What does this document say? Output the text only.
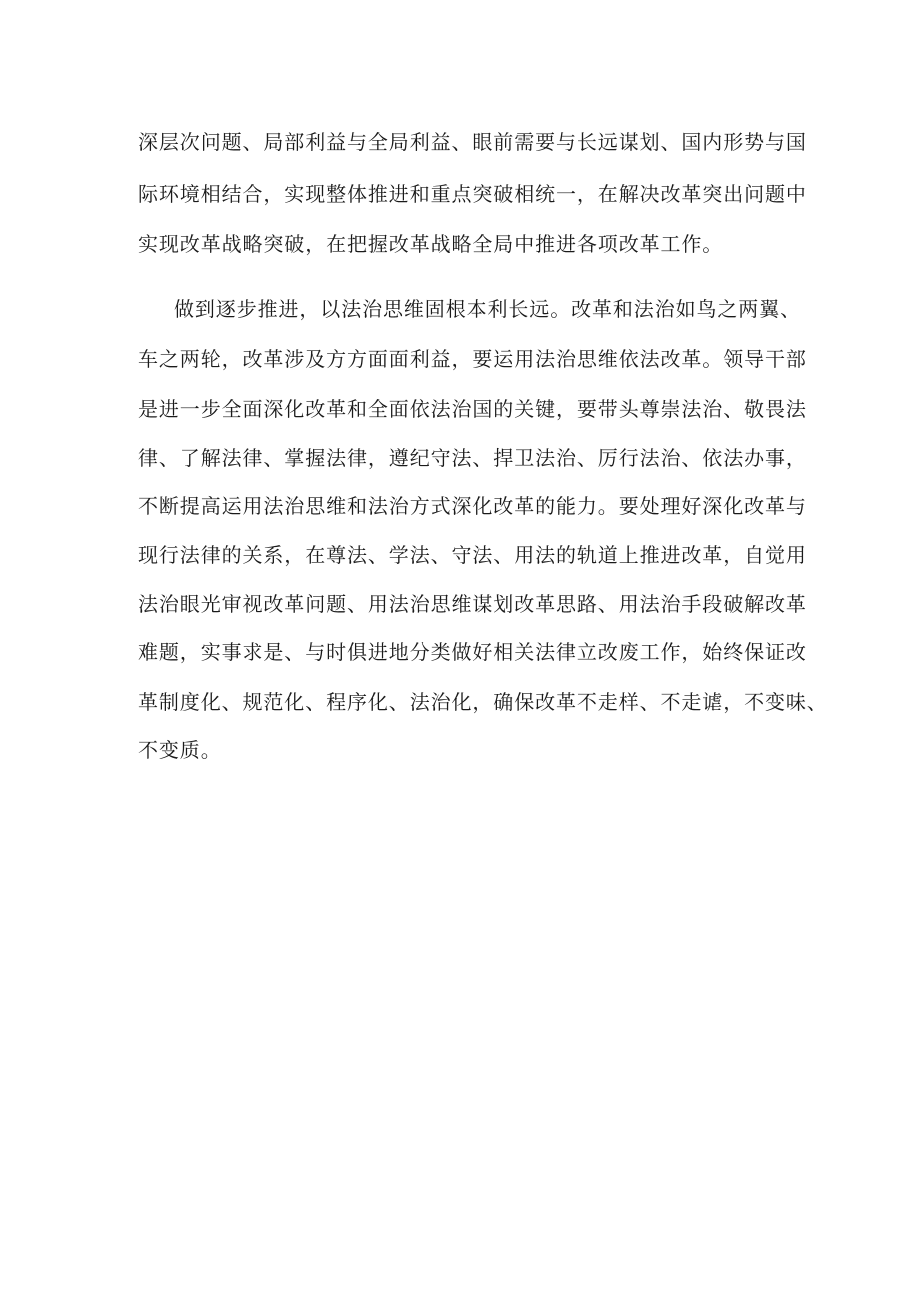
深层次问题、局部利益与全局利益、眼前需要与长远谋划、国内形势与国
际环境相结合，实现整体推进和重点突破相统一，在解决改革突出问题中
实现改革战略突破，在把握改革战略全局中推进各项改革工作。
做到逐步推进，以法治思维固根本利长远。改革和法治如鸟之两翼、
车之两轮，改革涉及方方面面利益，要运用法治思维依法改革。领导干部
是进一步全面深化改革和全面依法治国的关键，要带头尊崇法治、敬畏法
律、了解法律、掌握法律，遵纪守法、捍卫法治、厉行法治、依法办事，
不断提高运用法治思维和法治方式深化改革的能力。要处理好深化改革与
现行法律的关系，在尊法、学法、守法、用法的轨道上推进改革，自觉用
法治眼光审视改革问题、用法治思维谋划改革思路、用法治手段破解改革
难题，实事求是、与时俱进地分类做好相关法律立改废工作，始终保证改
革制度化、规范化、程序化、法治化，确保改革不走样、不走谑，不变味、
不变质。
